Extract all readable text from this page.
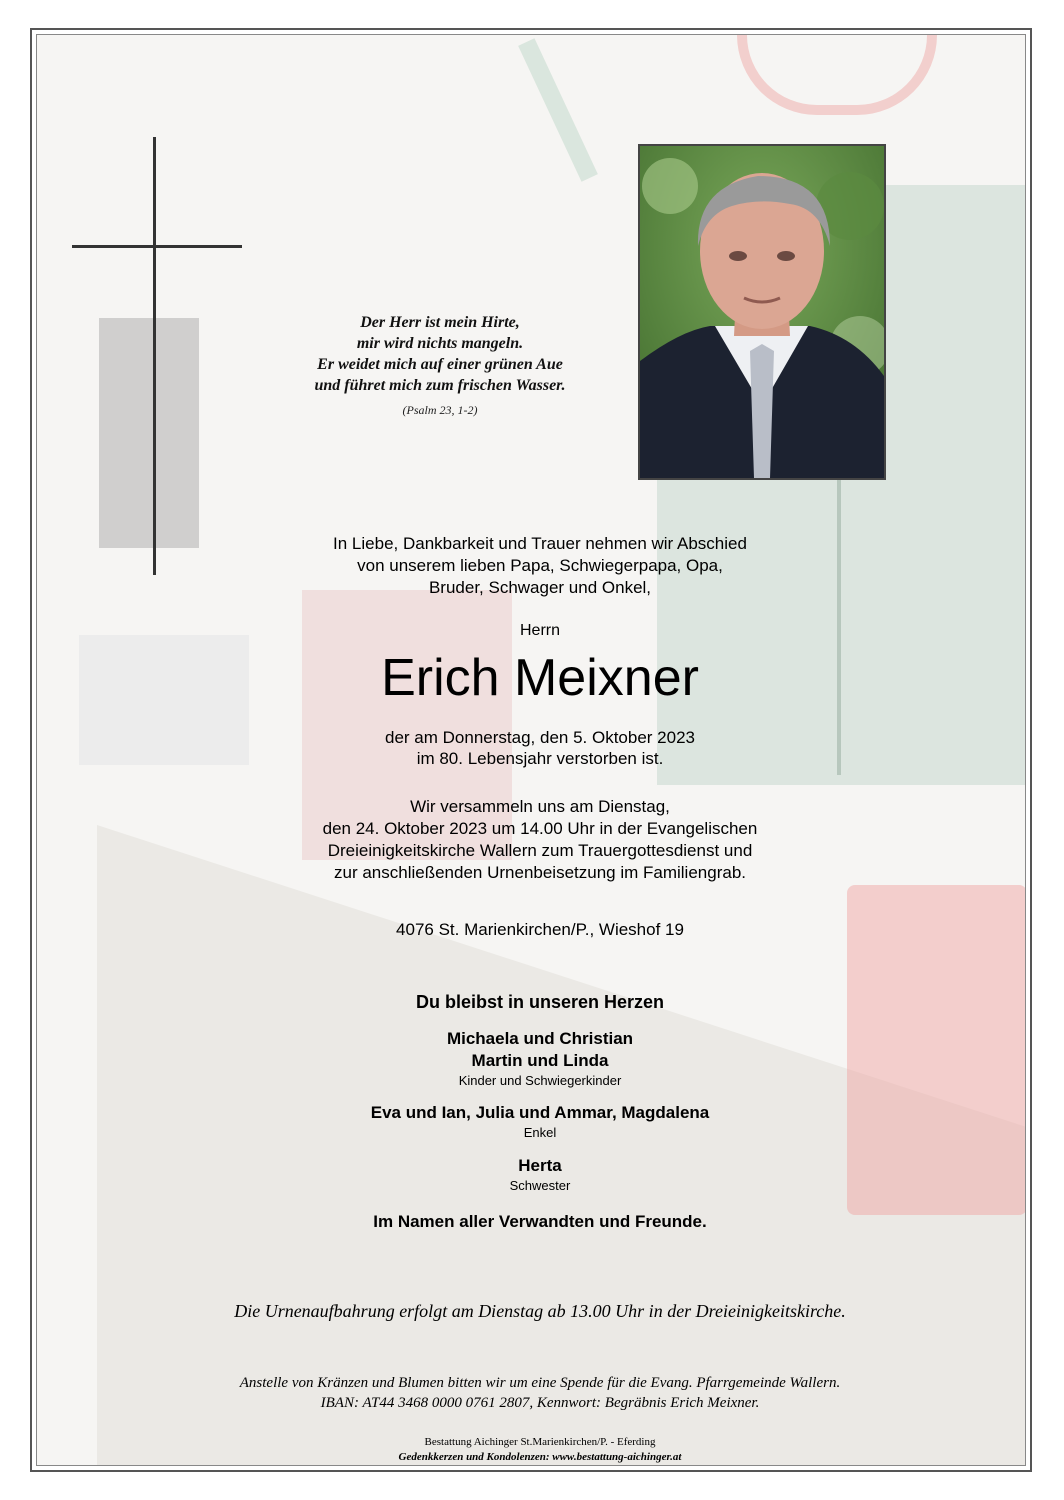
Der Herr ist mein Hirte,
mir wird nichts mangeln.
Er weidet mich auf einer grünen Aue
und führet mich zum frischen Wasser.
(Psalm 23, 1-2)
In Liebe, Dankbarkeit und Trauer nehmen wir Abschied
von unserem lieben Papa, Schwiegerpapa, Opa,
Bruder, Schwager und Onkel,
Herrn
Erich Meixner
der am Donnerstag, den 5. Oktober 2023
im 80. Lebensjahr verstorben ist.
Wir versammeln uns am Dienstag,
den 24. Oktober 2023 um 14.00 Uhr in der Evangelischen
Dreieinigkeitskirche Wallern zum Trauergottesdienst und
zur anschließenden Urnenbeisetzung im Familiengrab.
4076 St. Marienkirchen/P., Wieshof 19
Du bleibst in unseren Herzen
Michaela und Christian
Martin und Linda
Kinder und Schwiegerkinder
Eva und Ian, Julia und Ammar, Magdalena
Enkel
Herta
Schwester
Im Namen aller Verwandten und Freunde.
Die Urnenaufbahrung erfolgt am Dienstag ab 13.00 Uhr in der Dreieinigkeitskirche.
Anstelle von Kränzen und Blumen bitten wir um eine Spende für die Evang. Pfarrgemeinde Wallern.
IBAN: AT44 3468 0000 0761 2807, Kennwort: Begräbnis Erich Meixner.
Bestattung Aichinger St.Marienkirchen/P. - Eferding
Gedenkkerzen und Kondolenzen: www.bestattung-aichinger.at
